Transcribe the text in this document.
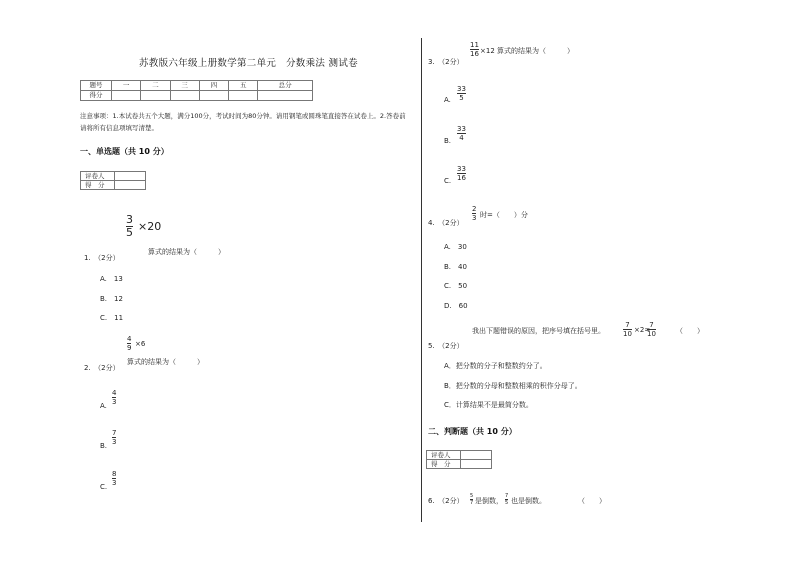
苏教版六年级上册数学第二单元　分数乘法 测试卷
题号	一	二	三	四	五	总分
得分						
注意事项：1.本试卷共五个大题，满分100分，考试时间为80分钟。请用钢笔或圆珠笔直接答在试卷上。2.答卷前请将所有信息项填写清楚。
一、单选题（共 10 分）
评卷人	
得　分	
3
5 ×20
1.　（2分）
算式的结果为（　　　）
A.　13
B.　12
C.　11
4
9 ×6
2.　（2分）
算式的结果为（　　　）
A.
4
3
B.
7
3
C.
8
3
11
16 ×12 算式的结果为（　　　）
3.　（2分）
A.
33
5
B.
33
4
C.
33
16
2
3 时=（　　）分
4.　（2分）
A.　30
B.　40
C.　50
D.　60
我出下题错误的原因，把序号填在括号里。
7
10 ×2=
7
10	（　　）
5.　（2分）
A．把分数的分子和整数约分了。
B．把分数的分母和整数相乘的积作分母了。
C．计算结果不是最简分数。
二、判断题（共 10 分）
评卷人	
得　分	
6.　（2分）
5
7 是倒数，
7
5 也是倒数。	（　　）
